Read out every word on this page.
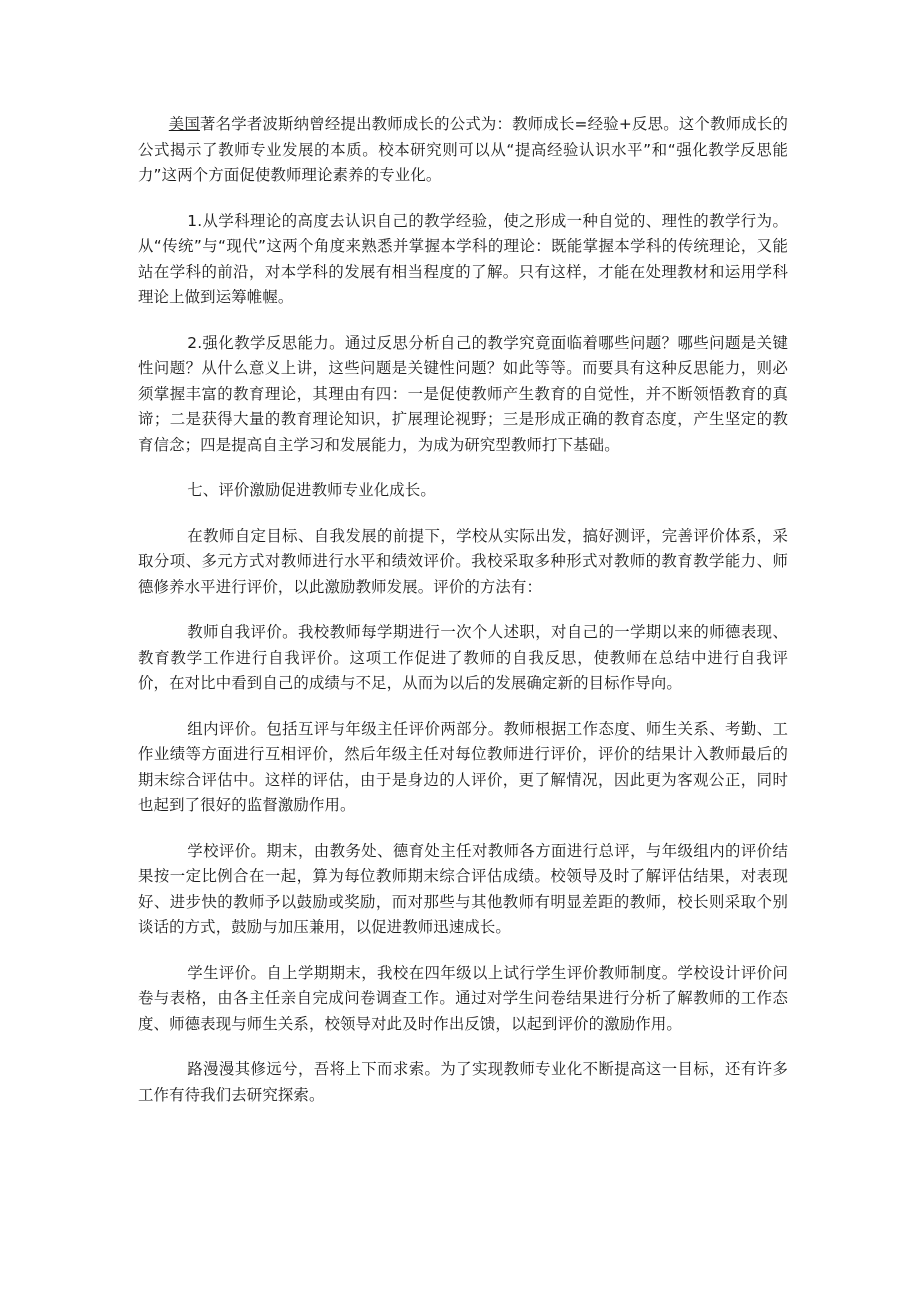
美国著名学者波斯纳曾经提出教师成长的公式为：教师成长=经验+反思。这个教师成长的公式揭示了教师专业发展的本质。校本研究则可以从“提高经验认识水平”和“强化教学反思能力”这两个方面促使教师理论素养的专业化。

1.从学科理论的高度去认识自己的教学经验，使之形成一种自觉的、理性的教学行为。从“传统”与“现代”这两个角度来熟悉并掌握本学科的理论：既能掌握本学科的传统理论，又能站在学科的前沿，对本学科的发展有相当程度的了解。只有这样，才能在处理教材和运用学科理论上做到运筹帷幄。

2.强化教学反思能力。通过反思分析自己的教学究竟面临着哪些问题？哪些问题是关键性问题？从什么意义上讲，这些问题是关键性问题？如此等等。而要具有这种反思能力，则必须掌握丰富的教育理论，其理由有四：一是促使教师产生教育的自觉性，并不断领悟教育的真谛；二是获得大量的教育理论知识，扩展理论视野；三是形成正确的教育态度，产生坚定的教育信念；四是提高自主学习和发展能力，为成为研究型教师打下基础。

七、评价激励促进教师专业化成长。

在教师自定目标、自我发展的前提下，学校从实际出发，搞好测评，完善评价体系，采取分项、多元方式对教师进行水平和绩效评价。我校采取多种形式对教师的教育教学能力、师德修养水平进行评价，以此激励教师发展。评价的方法有：

教师自我评价。我校教师每学期进行一次个人述职，对自己的一学期以来的师德表现、教育教学工作进行自我评价。这项工作促进了教师的自我反思，使教师在总结中进行自我评价，在对比中看到自己的成绩与不足，从而为以后的发展确定新的目标作导向。

组内评价。包括互评与年级主任评价两部分。教师根据工作态度、师生关系、考勤、工作业绩等方面进行互相评价，然后年级主任对每位教师进行评价，评价的结果计入教师最后的期末综合评估中。这样的评估，由于是身边的人评价，更了解情况，因此更为客观公正，同时也起到了很好的监督激励作用。

学校评价。期末，由教务处、德育处主任对教师各方面进行总评，与年级组内的评价结果按一定比例合在一起，算为每位教师期末综合评估成绩。校领导及时了解评估结果，对表现好、进步快的教师予以鼓励或奖励，而对那些与其他教师有明显差距的教师，校长则采取个别谈话的方式，鼓励与加压兼用，以促进教师迅速成长。

学生评价。自上学期期末，我校在四年级以上试行学生评价教师制度。学校设计评价问卷与表格，由各主任亲自完成问卷调查工作。通过对学生问卷结果进行分析了解教师的工作态度、师德表现与师生关系，校领导对此及时作出反馈，以起到评价的激励作用。

路漫漫其修远兮，吾将上下而求索。为了实现教师专业化不断提高这一目标，还有许多工作有待我们去研究探索。
